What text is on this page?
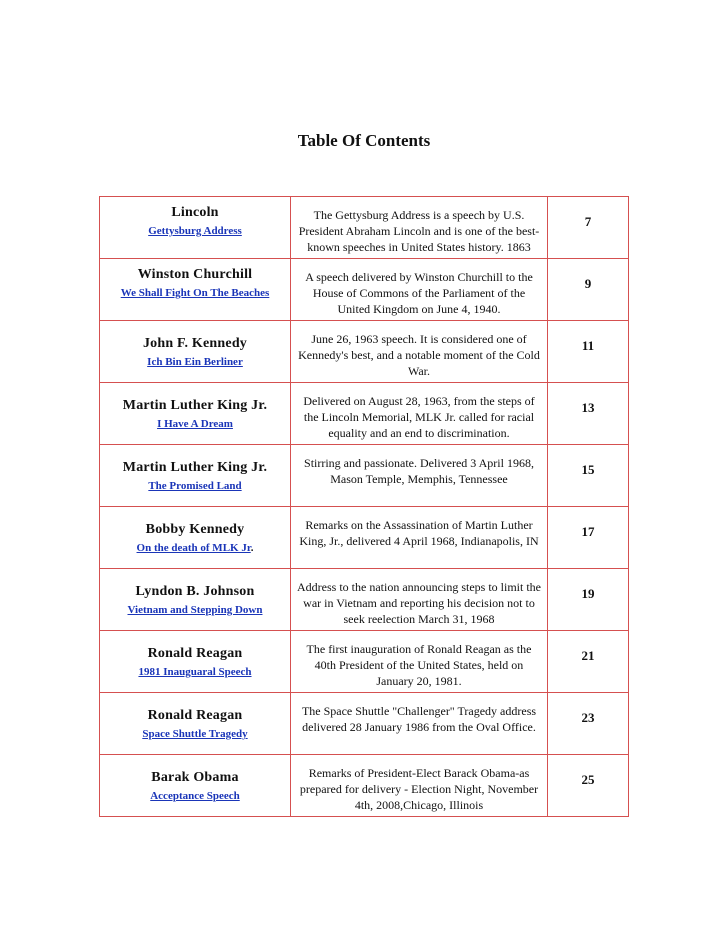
Table Of Contents
Lincoln
Gettysburg Address	The Gettysburg Address is a speech by U.S. President Abraham Lincoln and is one of the best-known speeches in United States history. 1863	7

Winston Churchill
We Shall Fight On The Beaches	A speech delivered by Winston Churchill to the House of Commons of the Parliament of the United Kingdom on June 4, 1940.	9

John F. Kennedy
Ich Bin Ein Berliner	June 26, 1963 speech. It is considered one of Kennedy's best, and a notable moment of the Cold War.	11

Martin Luther King Jr.
I Have A Dream	Delivered on August 28, 1963, from the steps of the Lincoln Memorial, MLK Jr. called for racial equality and an end to discrimination.	13

Martin Luther King Jr.
The Promised Land	Stirring and passionate. Delivered 3 April 1968, Mason Temple, Memphis, Tennessee	15

Bobby Kennedy
On the death of MLK Jr.	Remarks on the Assassination of Martin Luther King, Jr., delivered 4 April 1968, Indianapolis, IN	17

Lyndon B. Johnson
Vietnam and Stepping Down	Address to the nation announcing steps to limit the war in Vietnam and reporting his decision not to seek reelection March 31, 1968	19

Ronald Reagan
1981 Inauguaral Speech	The first inauguration of Ronald Reagan as the 40th President of the United States, held on January 20, 1981.	21

Ronald Reagan
Space Shuttle Tragedy	The Space Shuttle "Challenger" Tragedy address delivered 28 January 1986 from the Oval Office.	23

Barak Obama
Acceptance Speech	Remarks of President-Elect Barack Obama-as prepared for delivery - Election Night, November 4th, 2008,Chicago, Illinois	25
